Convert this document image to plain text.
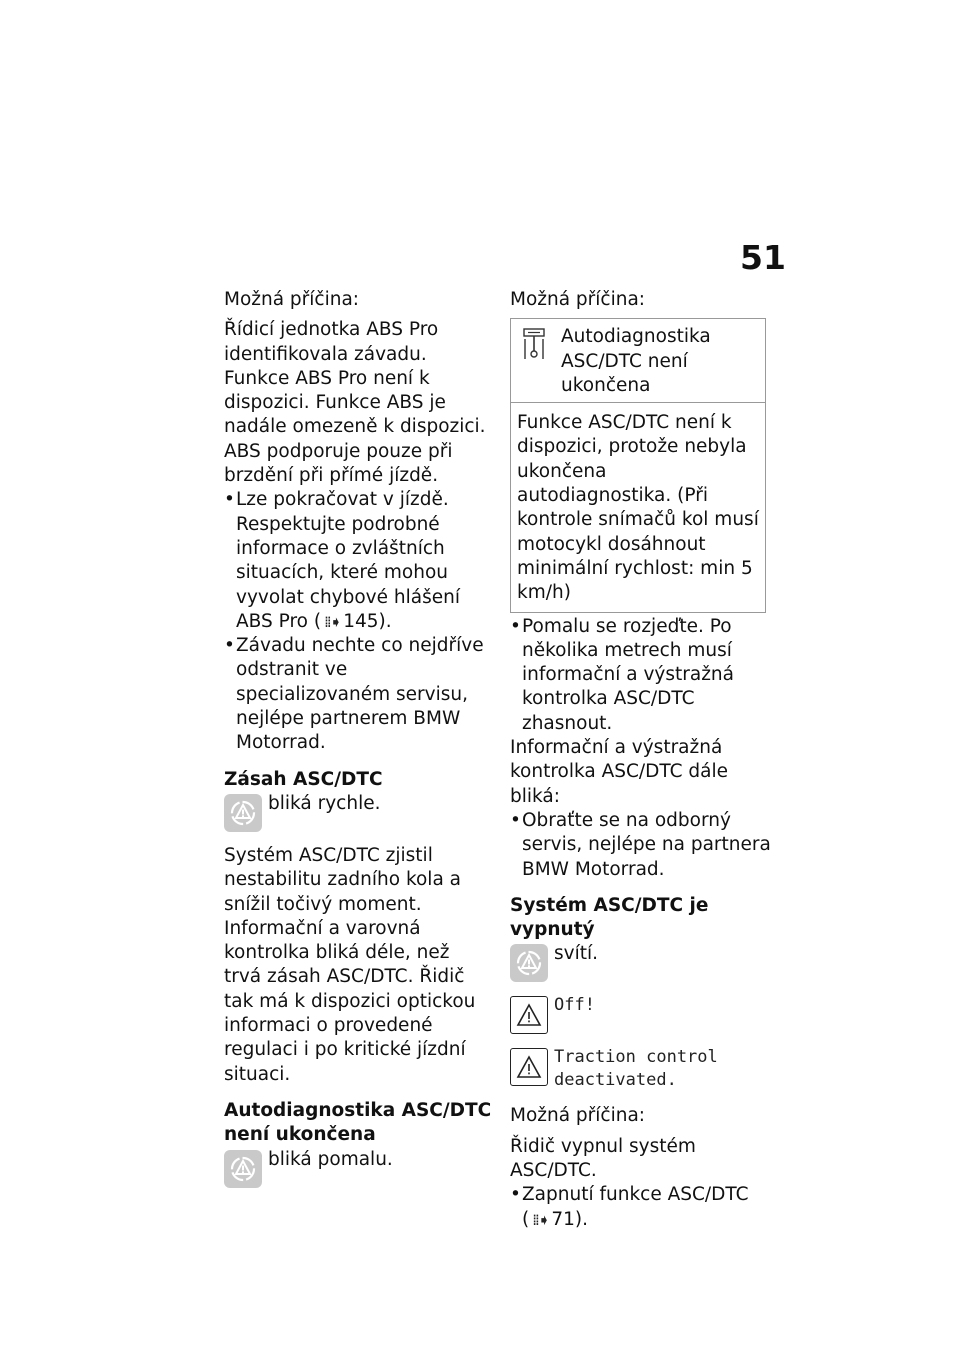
51

Možná příčina:

Řídicí jednotka ABS Pro identifikovala závadu. Funkce ABS Pro není k dispozici. Funkce ABS je nadále omezeně k dispozici. ABS podporuje pouze při brzdění při přímé jízdě.

• Lze pokračovat v jízdě. Respektujte podrobné informace o zvláštních situacích, které mohou vyvolat chybové hlášení ABS Pro ( ⁞⁞➧ 145).
• Závadu nechte co nejdříve odstranit ve specializovaném servisu, nejlépe partnerem BMW Motorrad.

Zásah ASC/DTC

bliká rychle.

Systém ASC/DTC zjistil nestabilitu zadního kola a snížil točivý moment. Informační a varovná kontrolka bliká déle, než trvá zásah ASC/DTC. Řidič tak má k dispozici optickou informaci o provedené regulaci i po kritické jízdní situaci.

Autodiagnostika ASC/DTC
není ukončena

bliká pomalu.

Možná příčina:

Autodiagnostika ASC/DTC není ukončena
Funkce ASC/DTC není k dispozici, protože nebyla ukončena autodiagnostika. (Při kontrole snímačů kol musí motocykl dosáhnout minimální rychlost: min 5 km/h)
• Pomalu se rozjeďte. Po několika metrech musí informační a výstražná kontrolka ASC/DTC zhasnout.

Informační a výstražná kontrolka ASC/DTC dále bliká:

• Obraťte se na odborný servis, nejlépe na partnera BMW Motorrad.

Systém ASC/DTC je vypnutý

svítí.
Off!
Traction control deactivated.

Možná příčina:

Řidič vypnul systém ASC/DTC.

• Zapnutí funkce ASC/DTC
( ⁞⁞➧ 71).
